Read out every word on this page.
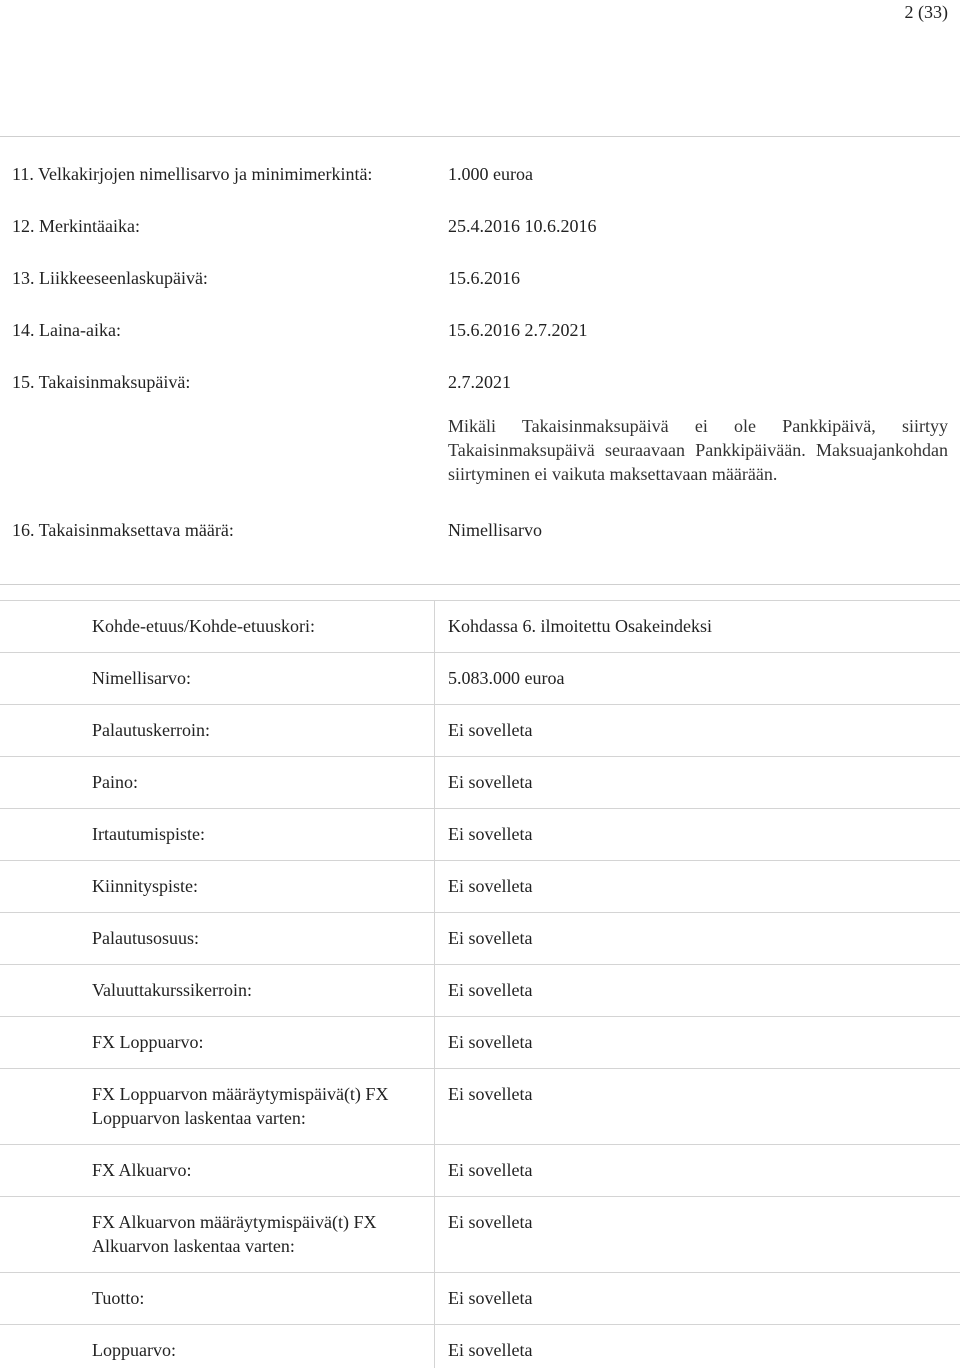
2 (33)
11. Velkakirjojen nimellisarvo ja minimimerkintä:	1.000 euroa
12. Merkintäaika:	25.4.2016 10.6.2016
13. Liikkeeseenlaskupäivä:	15.6.2016
14. Laina-aika:	15.6.2016 2.7.2021
15. Takaisinmaksupäivä:	2.7.2021
Mikäli Takaisinmaksupäivä ei ole Pankkipäivä, siirtyy Takaisinmaksupäivä seuraavaan Pankkipäivään. Maksuajankohdan siirtyminen ei vaikuta maksettavaan määrään.
16. Takaisinmaksettava määrä:	Nimellisarvo
Kohde-etuus/Kohde-etuuskori:	Kohdassa 6. ilmoitettu Osakeindeksi
Nimellisarvo:	5.083.000 euroa
Palautuskerroin:	Ei sovelleta
Paino:	Ei sovelleta
Irtautumispiste:	Ei sovelleta
Kiinnityspiste:	Ei sovelleta
Palautusosuus:	Ei sovelleta
Valuuttakurssikerroin:	Ei sovelleta
FX Loppuarvo:	Ei sovelleta
FX Loppuarvon määräytymispäivä(t) FX Loppuarvon laskentaa varten:
Ei sovelleta
FX Alkuarvo:	Ei sovelleta
FX Alkuarvon määräytymispäivä(t) FX Alkuarvon laskentaa varten:
Ei sovelleta
Tuotto:	Ei sovelleta
Loppuarvo:	Ei sovelleta
